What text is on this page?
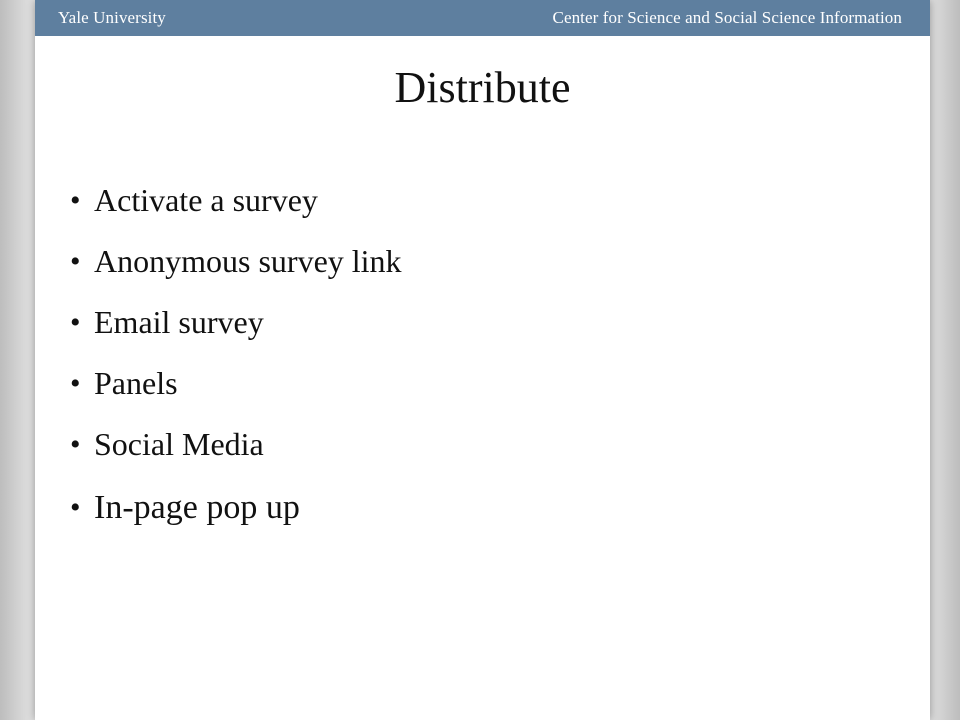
Yale University	Center for Science and Social Science Information
Distribute
• Activate a survey
• Anonymous survey link
• Email survey
• Panels
• Social Media
• In-page pop up
